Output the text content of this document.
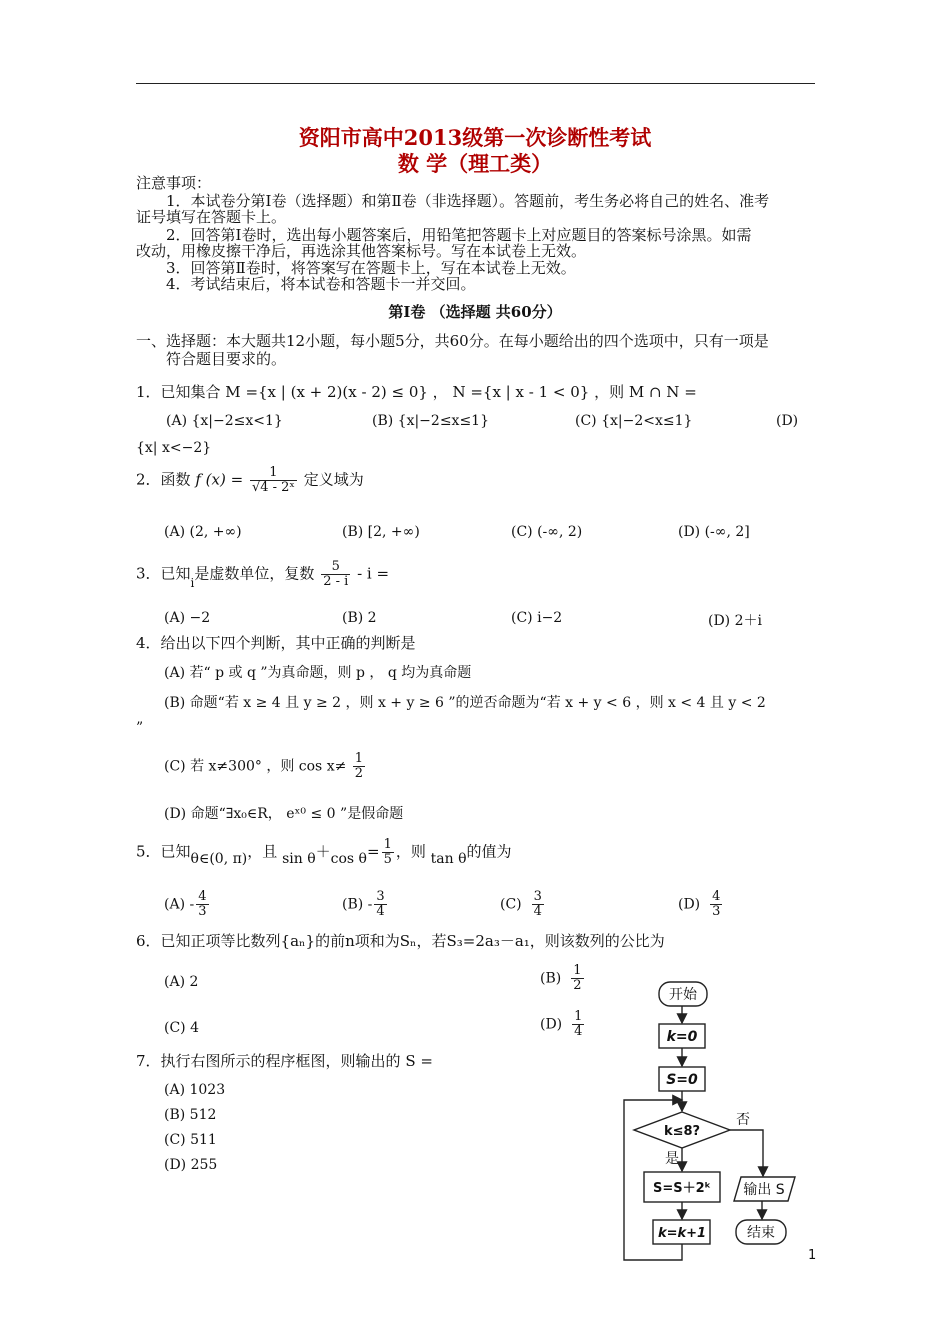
资阳市高中2013级第一次诊断性考试
数 学（理工类）
注意事项：
1．本试卷分第Ⅰ卷（选择题）和第Ⅱ卷（非选择题）。答题前，考生务必将自己的姓名、准考
证号填写在答题卡上。
2．回答第Ⅰ卷时，选出每小题答案后，用铅笔把答题卡上对应题目的答案标号涂黑。如需
改动，用橡皮擦干净后，再选涂其他答案标号。写在本试卷上无效。
3．回答第Ⅱ卷时，将答案写在答题卡上，写在本试卷上无效。
4．考试结束后，将本试卷和答题卡一并交回。
第Ⅰ卷 （选择题 共60分）
一、选择题：本大题共12小题，每小题5分，共60分。在每小题给出的四个选项中，只有一项是
符合题目要求的。
1．已知集合 M ={x | (x + 2)(x - 2) ≤ 0} ， N ={x | x - 1 < 0} ，则 M ∩ N =
(A) {x|−2≤x<1}	(B) {x|−2≤x≤1}	(C) {x|−2<x≤1}	(D)
{x| x<−2}
2．函数 f $(x) = \frac{1}{\text{√4 - 2ˣ}}$ 定义域为
(A) (2, +∞)	(B) [2, +∞)	(C) (-∞, 2)	(D) (-∞, 2]
3．已知$_i$是虚数单位，复数 $\frac{5}{2 - i}$ - i =
(A) −2	(B) 2	(C) i−2	(D) 2＋i
4．给出以下四个判断，其中正确的判断是
(A) 若“ p 或 q ”为真命题，则 p ， q 均为真命题
(B) 命题“若 x ≥ 4 且 y ≥ 2 ，则 x + y ≥ 6 ”的逆否命题为“若 x + y < 6 ，则 x < 4 且 y < 2
”
(C) 若 x≠300° ，则 $\cos x\ne \frac{1}{2}$
(D) 命题“∃x₀∈R， eˣ⁰ ≤ 0 ”是假命题
5．已知θ∈(0, π)，且 sin θ＋cos $\theta= \frac{1}{5}$ ，则 tan θ的值为
$(A) - \frac{4}{3}$	$(B) - \frac{3}{4}$	$(C) \frac{3}{4}$	$(D) \frac{4}{3}$
6．已知正项等比数列{aₙ}的前n项和为Sₙ，若S₃=2a₃－a₁，则该数列的公比为
(A) 2	$(B) \frac{1}{2}$
(C) 4	$(D) \frac{1}{4}$
7．执行右图所示的程序框图，则输出的 S =
(A) 1023
(B) 512
(C) 511
(D) 255
开始
k=0
S=0
k≤8?
否
是
S=S＋2ᵏ 输出 S
结束
k=k+1
1
